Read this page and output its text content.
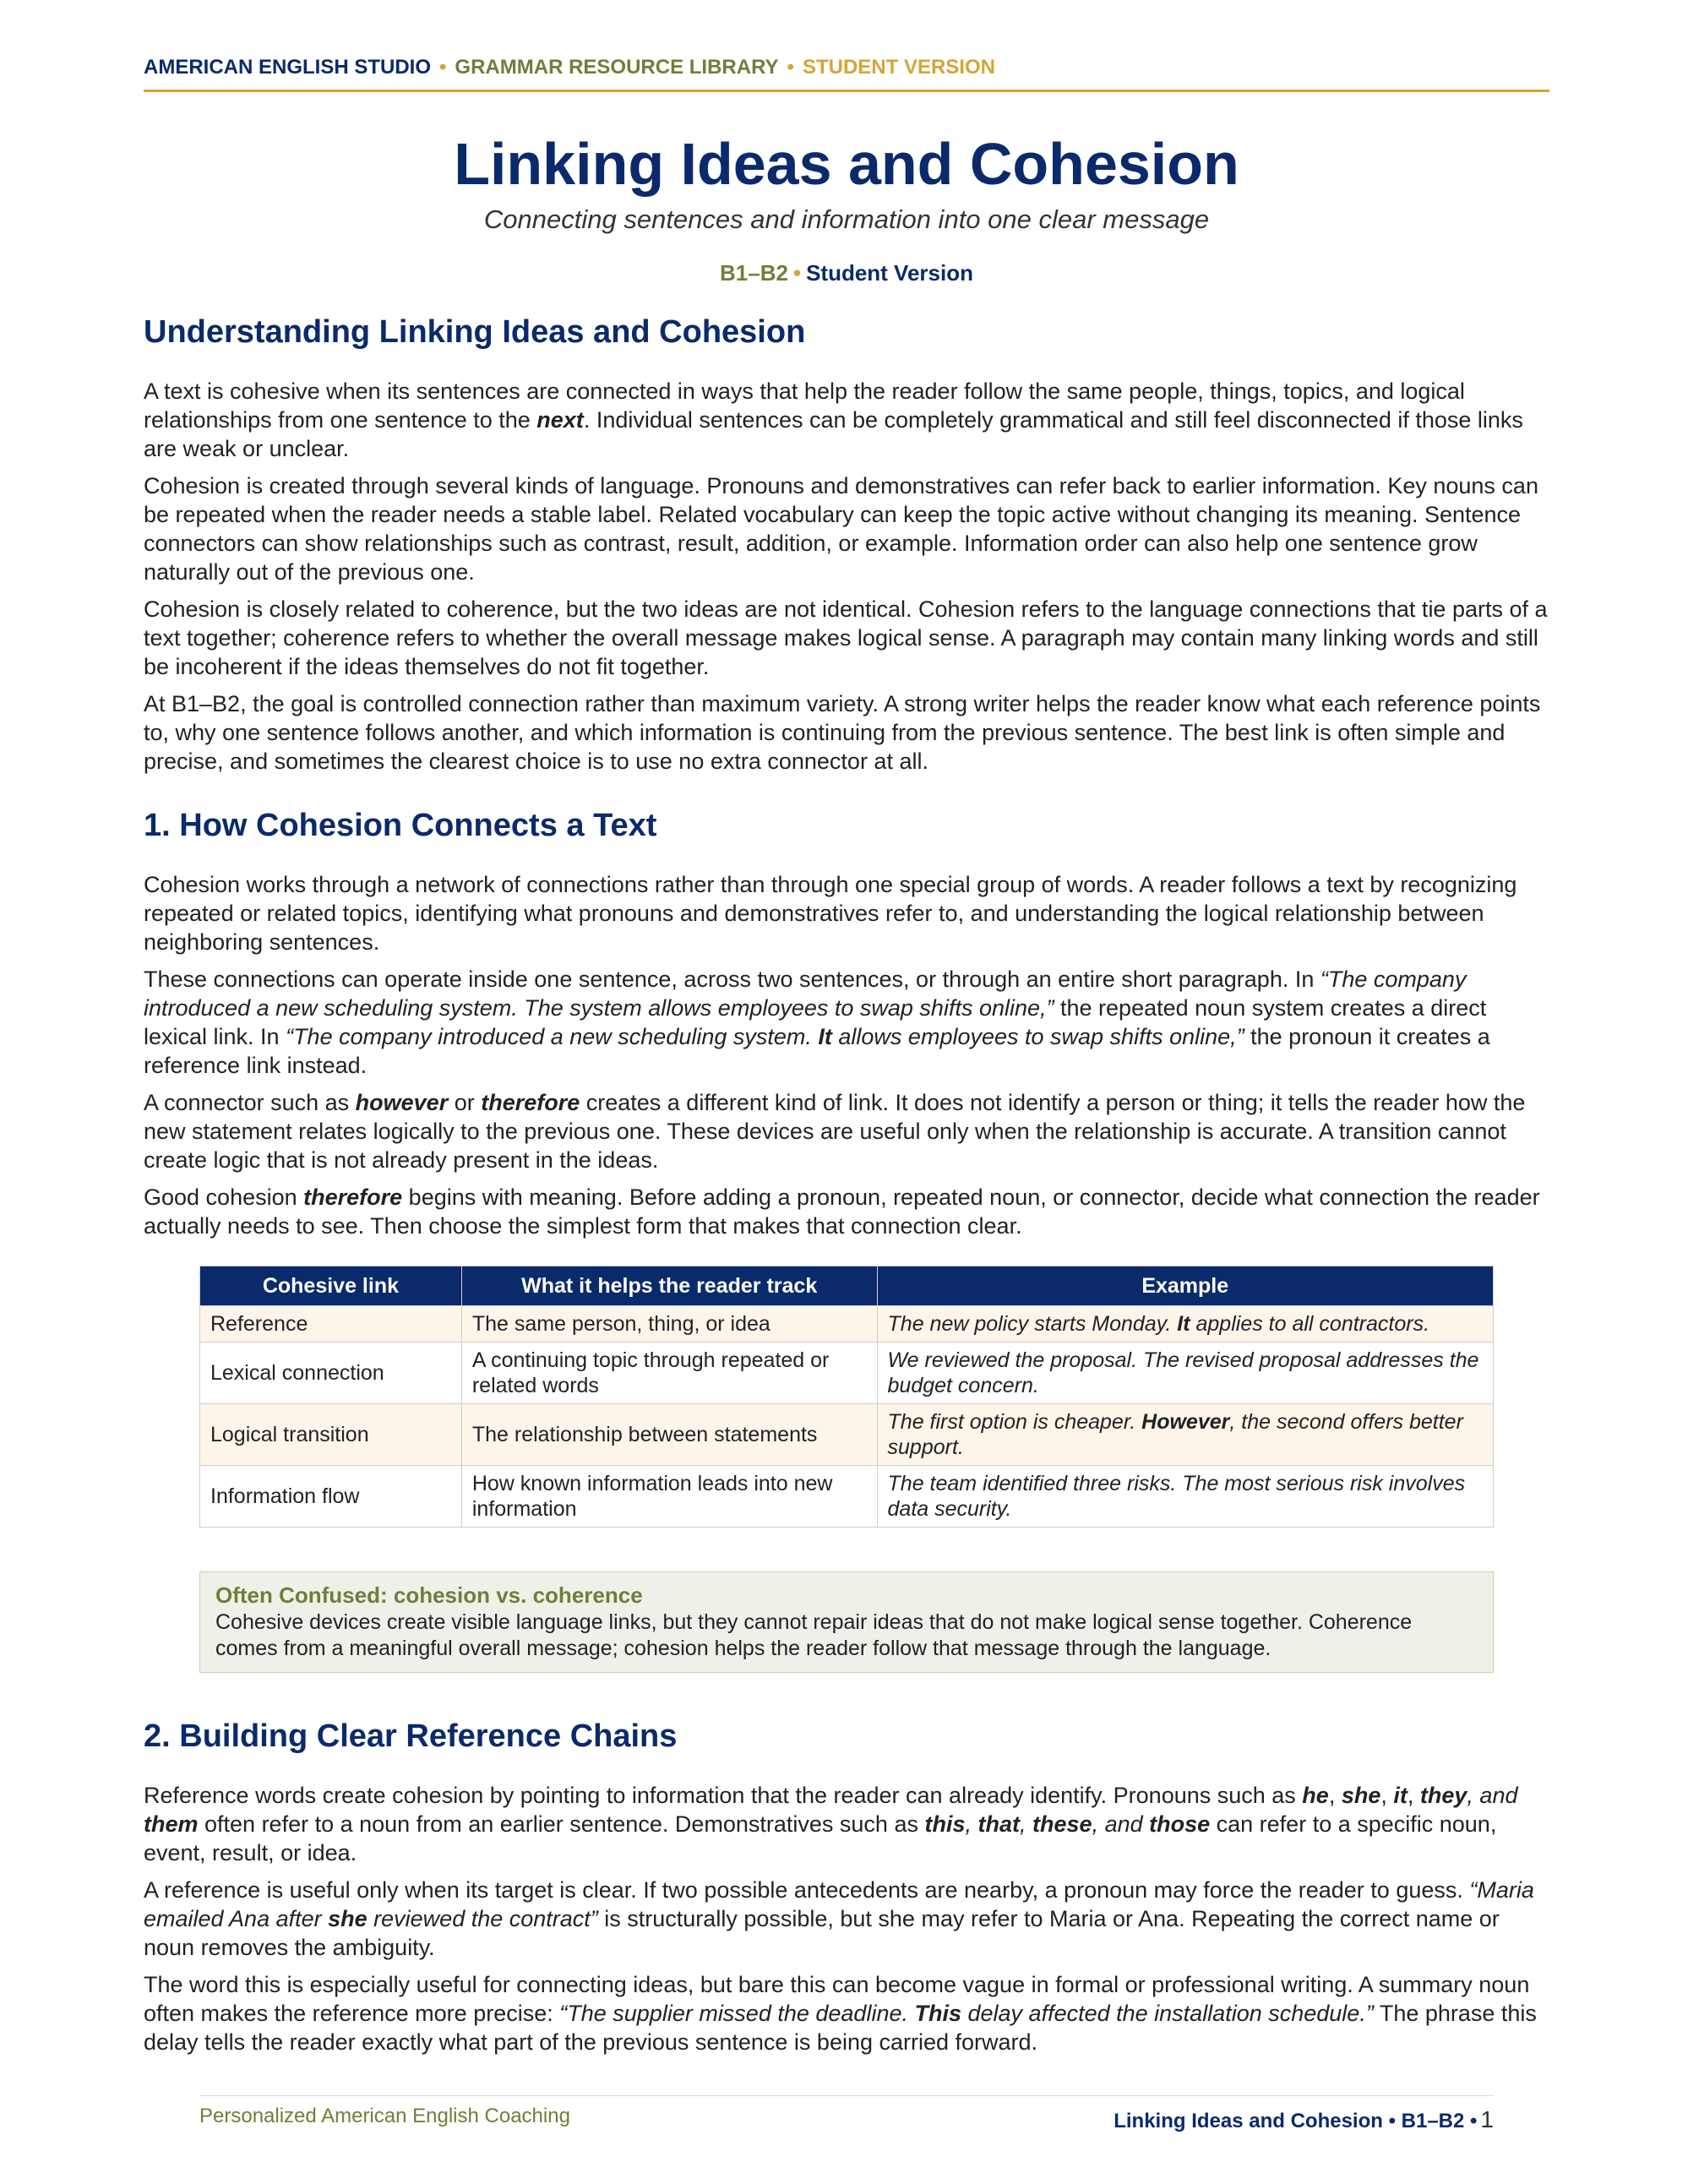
AMERICAN ENGLISH STUDIO • GRAMMAR RESOURCE LIBRARY • STUDENT VERSION
Linking Ideas and Cohesion
Connecting sentences and information into one clear message
B1–B2 • Student Version
Understanding Linking Ideas and Cohesion

A text is cohesive when its sentences are connected in ways that help the reader follow the same people, things, topics, and logical relationships from one sentence to the next. Individual sentences can be completely grammatical and still feel disconnected if those links are weak or unclear.

Cohesion is created through several kinds of language. Pronouns and demonstratives can refer back to earlier information. Key nouns can be repeated when the reader needs a stable label. Related vocabulary can keep the topic active without changing its meaning. Sentence connectors can show relationships such as contrast, result, addition, or example. Information order can also help one sentence grow naturally out of the previous one.

Cohesion is closely related to coherence, but the two ideas are not identical. Cohesion refers to the language connections that tie parts of a text together; coherence refers to whether the overall message makes logical sense. A paragraph may contain many linking words and still be incoherent if the ideas themselves do not fit together.

At B1–B2, the goal is controlled connection rather than maximum variety. A strong writer helps the reader know what each reference points to, why one sentence follows another, and which information is continuing from the previous sentence. The best link is often simple and precise, and sometimes the clearest choice is to use no extra connector at all.

1. How Cohesion Connects a Text

Cohesion works through a network of connections rather than through one special group of words. A reader follows a text by recognizing repeated or related topics, identifying what pronouns and demonstratives refer to, and understanding the logical relationship between neighboring sentences.

These connections can operate inside one sentence, across two sentences, or through an entire short paragraph. In “The company introduced a new scheduling system. The system allows employees to swap shifts online,” the repeated noun system creates a direct lexical link. In “The company introduced a new scheduling system. It allows employees to swap shifts online,” the pronoun it creates a reference link instead.

A connector such as however or therefore creates a different kind of link. It does not identify a person or thing; it tells the reader how the new statement relates logically to the previous one. These devices are useful only when the relationship is accurate. A transition cannot create logic that is not already present in the ideas.

Good cohesion therefore begins with meaning. Before adding a pronoun, repeated noun, or connector, decide what connection the reader actually needs to see. Then choose the simplest form that makes that connection clear.

Cohesive link	What it helps the reader track	Example
Reference	The same person, thing, or idea	The new policy starts Monday. It applies to all contractors.
Lexical connection	A continuing topic through repeated or related words	We reviewed the proposal. The revised proposal addresses the budget concern.
Logical transition	The relationship between statements	The first option is cheaper. However, the second offers better support.
Information flow	How known information leads into new information	The team identified three risks. The most serious risk involves data security.
Often Confused: cohesion vs. coherence
Cohesive devices create visible language links, but they cannot repair ideas that do not make logical sense together. Coherence comes from a meaningful overall message; cohesion helps the reader follow that message through the language.
2. Building Clear Reference Chains

Reference words create cohesion by pointing to information that the reader can already identify. Pronouns such as he, she, it, they, and them often refer to a noun from an earlier sentence. Demonstratives such as this, that, these, and those can refer to a specific noun, event, result, or idea.

A reference is useful only when its target is clear. If two possible antecedents are nearby, a pronoun may force the reader to guess. “Maria emailed Ana after she reviewed the contract” is structurally possible, but she may refer to Maria or Ana. Repeating the correct name or noun removes the ambiguity.

The word this is especially useful for connecting ideas, but bare this can become vague in formal or professional writing. A summary noun often makes the reference more precise: “The supplier missed the deadline. This delay affected the installation schedule.” The phrase this delay tells the reader exactly what part of the previous sentence is being carried forward.

Personalized American English Coaching	Linking Ideas and Cohesion • B1–B2 • 1
